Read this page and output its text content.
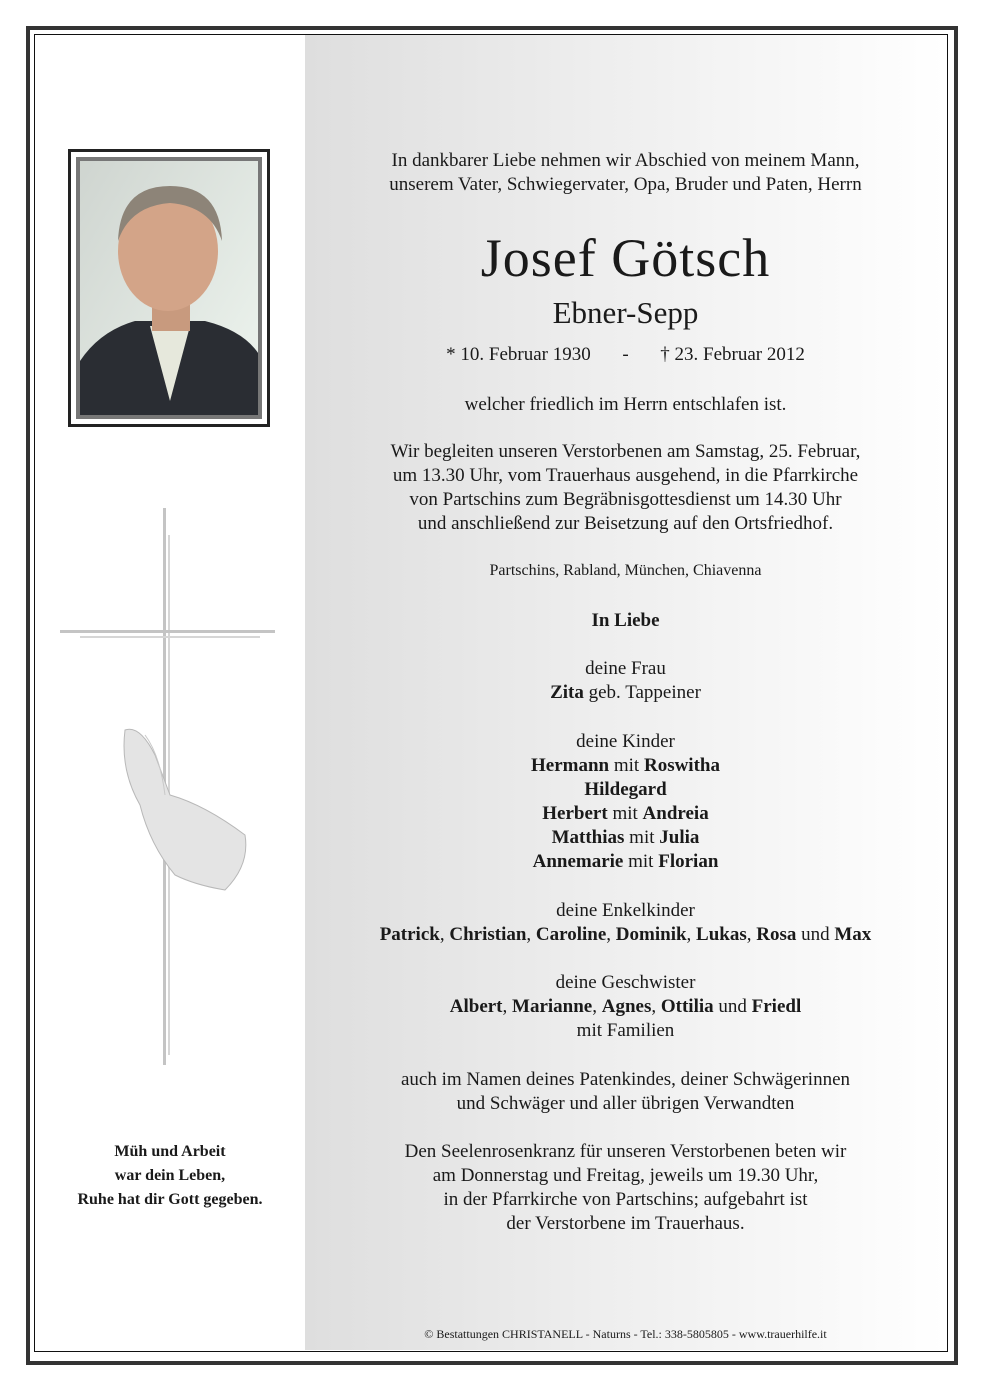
Müh und Arbeit
war dein Leben,
Ruhe hat dir Gott gegeben.
In dankbarer Liebe nehmen wir Abschied von meinem Mann,
unserem Vater, Schwiegervater, Opa, Bruder und Paten, Herrn
Josef Götsch
Ebner-Sepp
* 10. Februar 1930 - † 23. Februar 2012
welcher friedlich im Herrn entschlafen ist.
Wir begleiten unseren Verstorbenen am Samstag, 25. Februar,
um 13.30 Uhr, vom Trauerhaus ausgehend, in die Pfarrkirche
von Partschins zum Begräbnisgottesdienst um 14.30 Uhr
und anschließend zur Beisetzung auf den Ortsfriedhof.
Partschins, Rabland, München, Chiavenna
In Liebe
deine Frau
Zita geb. Tappeiner
deine Kinder
Hermann mit Roswitha
Hildegard
Herbert mit Andreia
Matthias mit Julia
Annemarie mit Florian
deine Enkelkinder
Patrick, Christian, Caroline, Dominik, Lukas, Rosa und Max
deine Geschwister
Albert, Marianne, Agnes, Ottilia und Friedl
mit Familien
auch im Namen deines Patenkindes, deiner Schwägerinnen
und Schwäger und aller übrigen Verwandten
Den Seelenrosenkranz für unseren Verstorbenen beten wir
am Donnerstag und Freitag, jeweils um 19.30 Uhr,
in der Pfarrkirche von Partschins; aufgebahrt ist
der Verstorbene im Trauerhaus.
© Bestattungen CHRISTANELL - Naturns - Tel.: 338-5805805 - www.trauerhilfe.it
